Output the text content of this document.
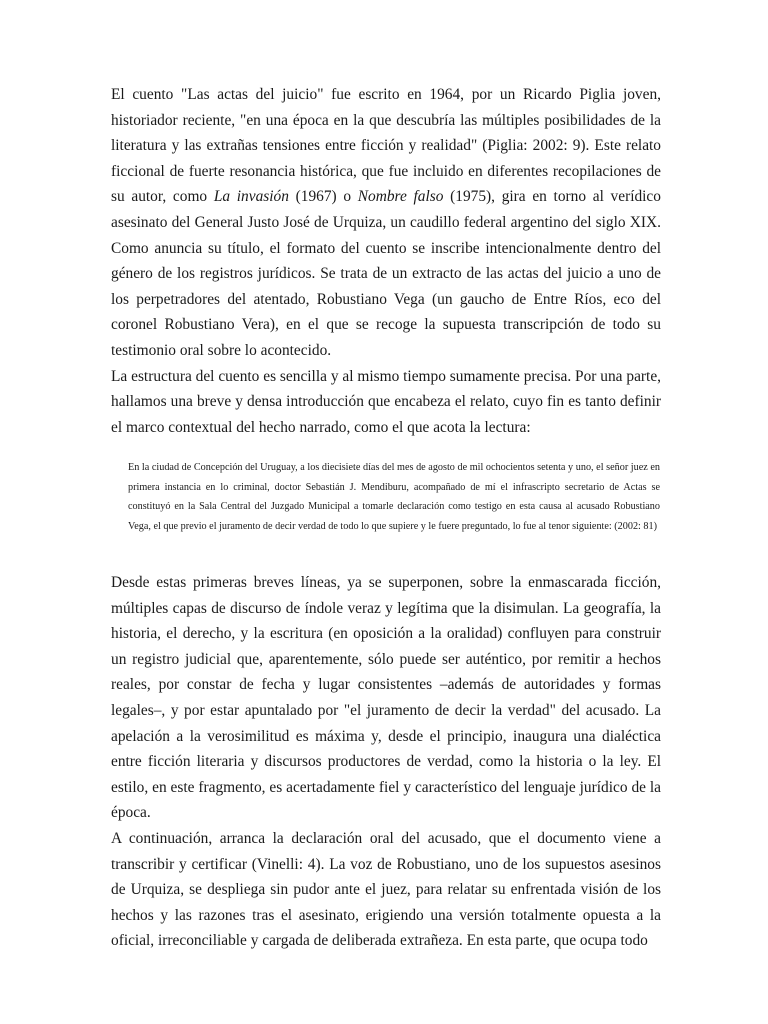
El cuento "Las actas del juicio" fue escrito en 1964, por un Ricardo Piglia joven, historiador reciente, "en una época en la que descubría las múltiples posibilidades de la literatura y las extrañas tensiones entre ficción y realidad" (Piglia: 2002: 9). Este relato ficcional de fuerte resonancia histórica, que fue incluido en diferentes recopilaciones de su autor, como La invasión (1967) o Nombre falso (1975), gira en torno al verídico asesinato del General Justo José de Urquiza, un caudillo federal argentino del siglo XIX. Como anuncia su título, el formato del cuento se inscribe intencionalmente dentro del género de los registros jurídicos. Se trata de un extracto de las actas del juicio a uno de los perpetradores del atentado, Robustiano Vega (un gaucho de Entre Ríos, eco del coronel Robustiano Vera), en el que se recoge la supuesta transcripción de todo su testimonio oral sobre lo acontecido.

La estructura del cuento es sencilla y al mismo tiempo sumamente precisa. Por una parte, hallamos una breve y densa introducción que encabeza el relato, cuyo fin es tanto definir el marco contextual del hecho narrado, como el que acota la lectura:

En la ciudad de Concepción del Uruguay, a los diecisiete días del mes de agosto de mil ochocientos setenta y uno, el señor juez en primera instancia en lo criminal, doctor Sebastián J. Mendiburu, acompañado de mí el infrascripto secretario de Actas se constituyó en la Sala Central del Juzgado Municipal a tomarle declaración como testigo en esta causa al acusado Robustiano Vega, el que previo el juramento de decir verdad de todo lo que supiere y le fuere preguntado, lo fue al tenor siguiente: (2002: 81)

Desde estas primeras breves líneas, ya se superponen, sobre la enmascarada ficción, múltiples capas de discurso de índole veraz y legítima que la disimulan. La geografía, la historia, el derecho, y la escritura (en oposición a la oralidad) confluyen para construir un registro judicial que, aparentemente, sólo puede ser auténtico, por remitir a hechos reales, por constar de fecha y lugar consistentes –además de autoridades y formas legales–, y por estar apuntalado por "el juramento de decir la verdad" del acusado. La apelación a la verosimilitud es máxima y, desde el principio, inaugura una dialéctica entre ficción literaria y discursos productores de verdad, como la historia o la ley. El estilo, en este fragmento, es acertadamente fiel y característico del lenguaje jurídico de la época.

A continuación, arranca la declaración oral del acusado, que el documento viene a transcribir y certificar (Vinelli: 4). La voz de Robustiano, uno de los supuestos asesinos de Urquiza, se despliega sin pudor ante el juez, para relatar su enfrentada visión de los hechos y las razones tras el asesinato, erigiendo una versión totalmente opuesta a la oficial, irreconciliable y cargada de deliberada extrañeza. En esta parte, que ocupa todo
